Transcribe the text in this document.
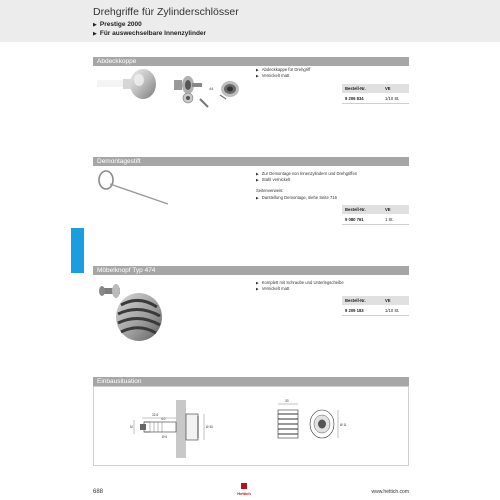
Drehgriffe für Zylinderschlösser
▶ Prestige 2000
▶ Für auswechselbare Innenzylinder
Abdeckkoppe
44
▶ Abdeckkappe für Drehgriff
▶ Vernickelt matt
Bestell-Nr.	VE
9 206 834	1/10 St.
Demontagestift
▶ Zur Demontage von Innenzylindern und Drehgriffen
▶ Stahl vernickelt
Seitenverweis:
▶ Darstellung Demontage, siehe Seite 716
Bestell-Nr.	VE
9 080 761	1 St.
Möbelknopf Typ 474
▶ Komplett mit Schraube und Unterlegscheibe
▶ Vernickelt matt
Bestell-Nr.	VE
9 209 183	1/10 St.
Einbausituation
32.6
4.0
M
Ø 6
Ø 30
33
Ø 11
688	Hettich	www.hettich.com
